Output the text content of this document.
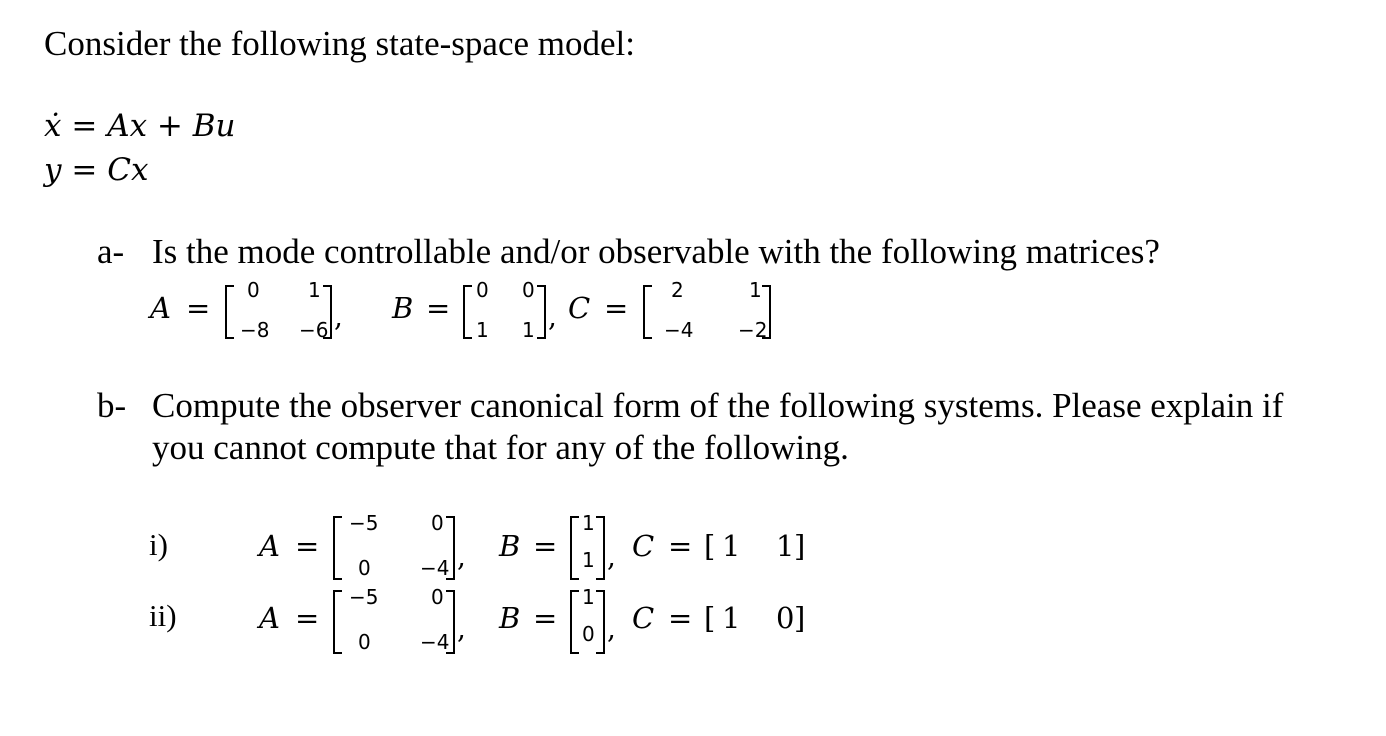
Consider the following state-space model:
ẋ = Ax + Bu
y = Cx
a- Is the mode controllable and/or observable with the following matrices?
A =
0 1
−8 −6 , B =
0 0
1 1 , C =
2	1
−4 −2
b- Compute the observer canonical form of the following systems. Please explain if
you cannot compute that for any of the following.
i)	A =
−5	0
0 −4 , B =
1
1 , C = [ 1 1 ]
ii)	A =
−5	0
0 −4 , B =
1
0 , C = [ 1 0 ]
